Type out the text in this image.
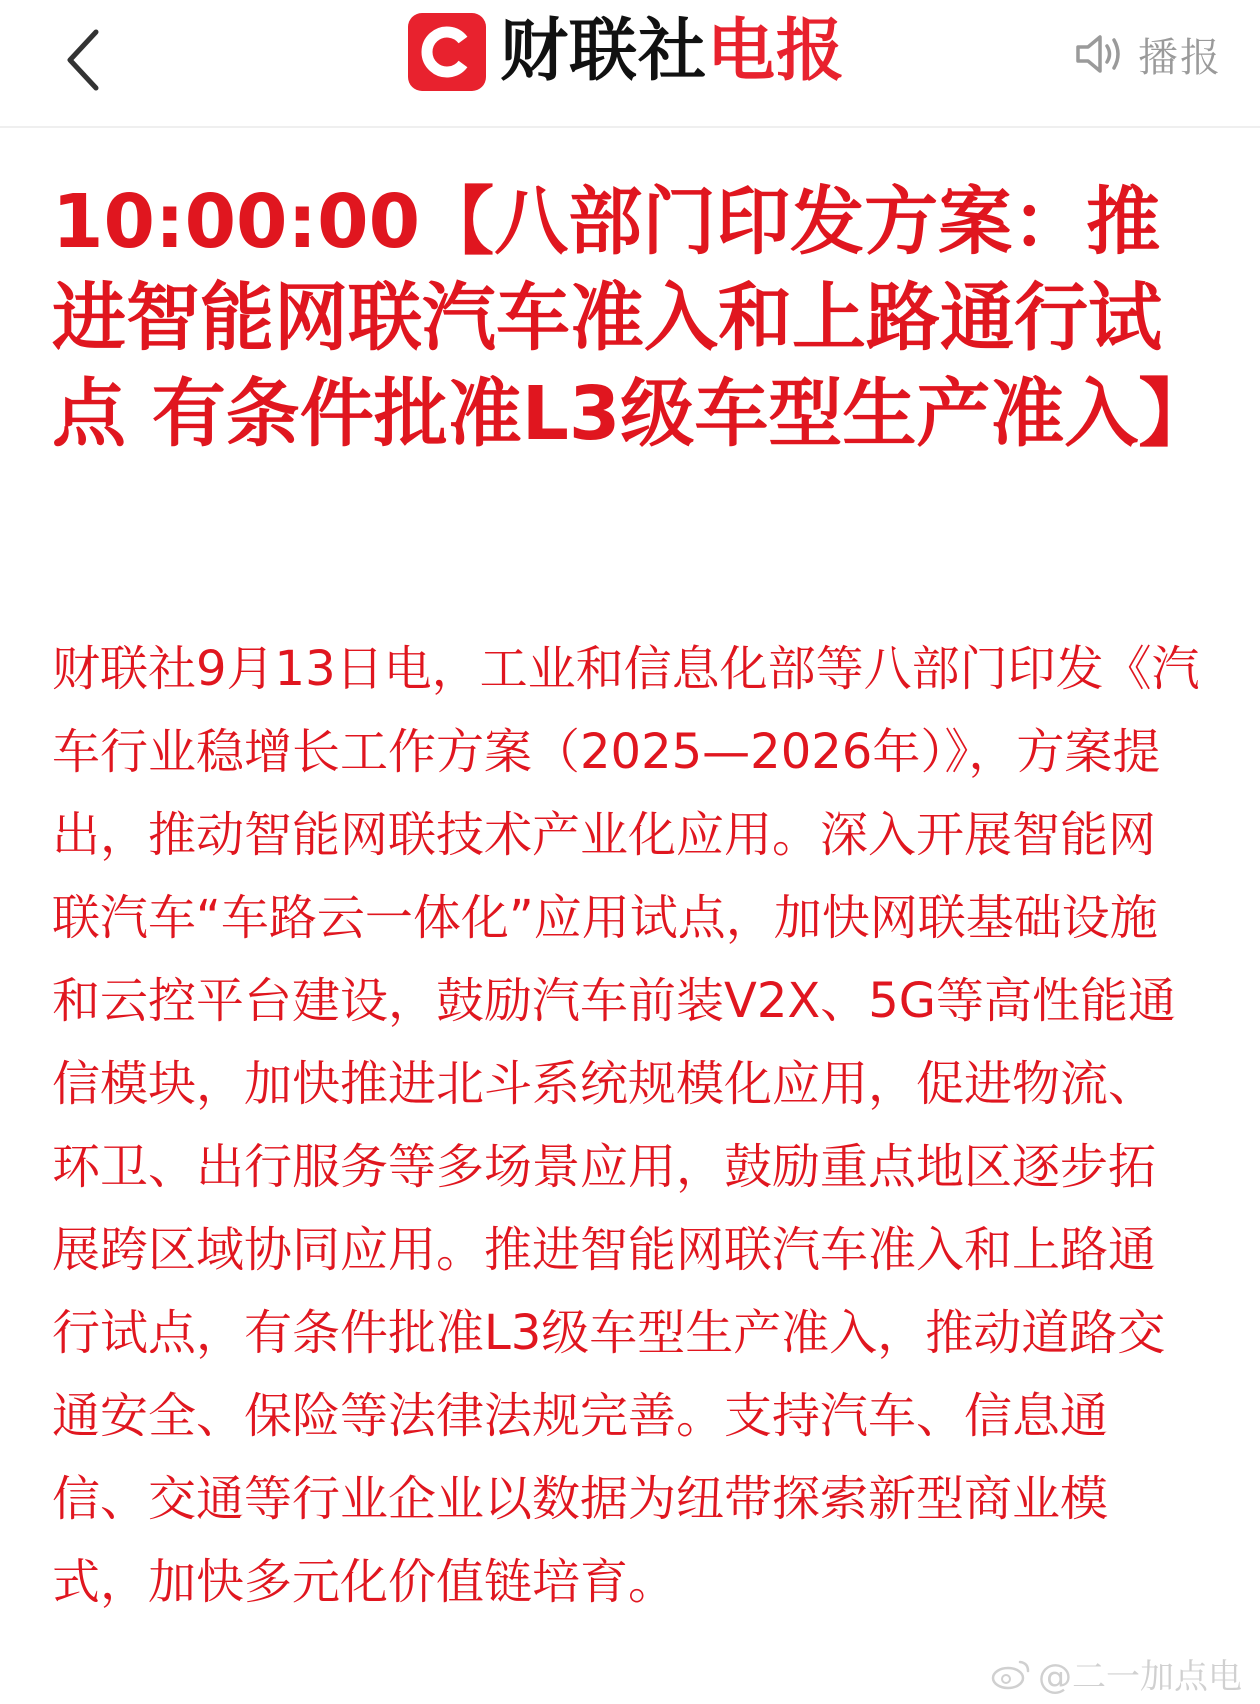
财联社电报	播报
10:00:00【八部门印发方案：推进智能网联汽车准入和上路通行试点 有条件批准L3级车型生产准入】

财联社9月13日电，工业和信息化部等八部门印发《汽车行业稳增长工作方案（2025—2026年）》，方案提出，推动智能网联技术产业化应用。深入开展智能网联汽车“车路云一体化”应用试点，加快网联基础设施和云控平台建设，鼓励汽车前装V2X、5G等高性能通信模块，加快推进北斗系统规模化应用，促进物流、环卫、出行服务等多场景应用，鼓励重点地区逐步拓展跨区域协同应用。推进智能网联汽车准入和上路通行试点，有条件批准L3级车型生产准入，推动道路交通安全、保险等法律法规完善。支持汽车、信息通信、交通等行业企业以数据为纽带探索新型商业模式，加快多元化价值链培育。

@二一加点电
